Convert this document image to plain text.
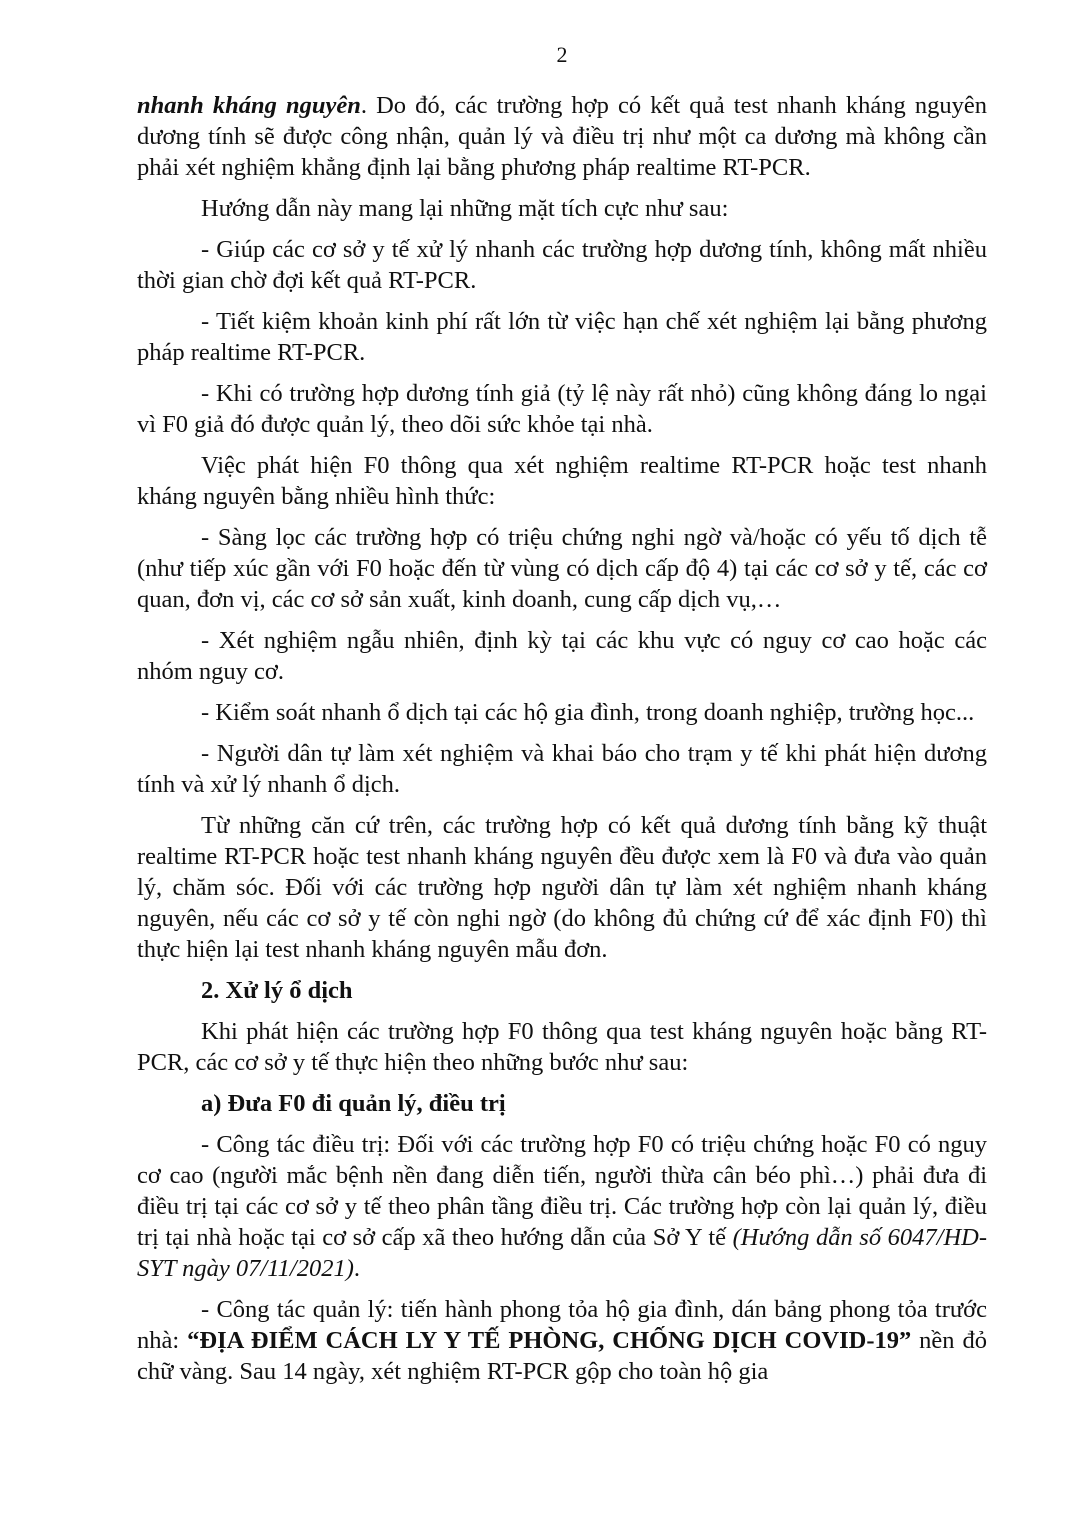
2

nhanh kháng nguyên. Do đó, các trường hợp có kết quả test nhanh kháng nguyên dương tính sẽ được công nhận, quản lý và điều trị như một ca dương mà không cần phải xét nghiệm khẳng định lại bằng phương pháp realtime RT-PCR.

Hướng dẫn này mang lại những mặt tích cực như sau:

- Giúp các cơ sở y tế xử lý nhanh các trường hợp dương tính, không mất nhiều thời gian chờ đợi kết quả RT-PCR.

- Tiết kiệm khoản kinh phí rất lớn từ việc hạn chế xét nghiệm lại bằng phương pháp realtime RT-PCR.

- Khi có trường hợp dương tính giả (tỷ lệ này rất nhỏ) cũng không đáng lo ngại vì F0 giả đó được quản lý, theo dõi sức khỏe tại nhà.

Việc phát hiện F0 thông qua xét nghiệm realtime RT-PCR hoặc test nhanh kháng nguyên bằng nhiều hình thức:

- Sàng lọc các trường hợp có triệu chứng nghi ngờ và/hoặc có yếu tố dịch tễ (như tiếp xúc gần với F0 hoặc đến từ vùng có dịch cấp độ 4) tại các cơ sở y tế, các cơ quan, đơn vị, các cơ sở sản xuất, kinh doanh, cung cấp dịch vụ,…

- Xét nghiệm ngẫu nhiên, định kỳ tại các khu vực có nguy cơ cao hoặc các nhóm nguy cơ.

- Kiểm soát nhanh ổ dịch tại các hộ gia đình, trong doanh nghiệp, trường học...

- Người dân tự làm xét nghiệm và khai báo cho trạm y tế khi phát hiện dương tính và xử lý nhanh ổ dịch.

Từ những căn cứ trên, các trường hợp có kết quả dương tính bằng kỹ thuật realtime RT-PCR hoặc test nhanh kháng nguyên đều được xem là F0 và đưa vào quản lý, chăm sóc. Đối với các trường hợp người dân tự làm xét nghiệm nhanh kháng nguyên, nếu các cơ sở y tế còn nghi ngờ (do không đủ chứng cứ để xác định F0) thì thực hiện lại test nhanh kháng nguyên mẫu đơn.

2. Xử lý ổ dịch

Khi phát hiện các trường hợp F0 thông qua test kháng nguyên hoặc bằng RT-PCR, các cơ sở y tế thực hiện theo những bước như sau:

a) Đưa F0 đi quản lý, điều trị

- Công tác điều trị: Đối với các trường hợp F0 có triệu chứng hoặc F0 có nguy cơ cao (người mắc bệnh nền đang diễn tiến, người thừa cân béo phì…) phải đưa đi điều trị tại các cơ sở y tế theo phân tầng điều trị. Các trường hợp còn lại quản lý, điều trị tại nhà hoặc tại cơ sở cấp xã theo hướng dẫn của Sở Y tế (Hướng dẫn số 6047/HD-SYT ngày 07/11/2021).

- Công tác quản lý: tiến hành phong tỏa hộ gia đình, dán bảng phong tỏa trước nhà: “ĐỊA ĐIỂM CÁCH LY Y TẾ PHÒNG, CHỐNG DỊCH COVID-19” nền đỏ chữ vàng. Sau 14 ngày, xét nghiệm RT-PCR gộp cho toàn hộ gia
